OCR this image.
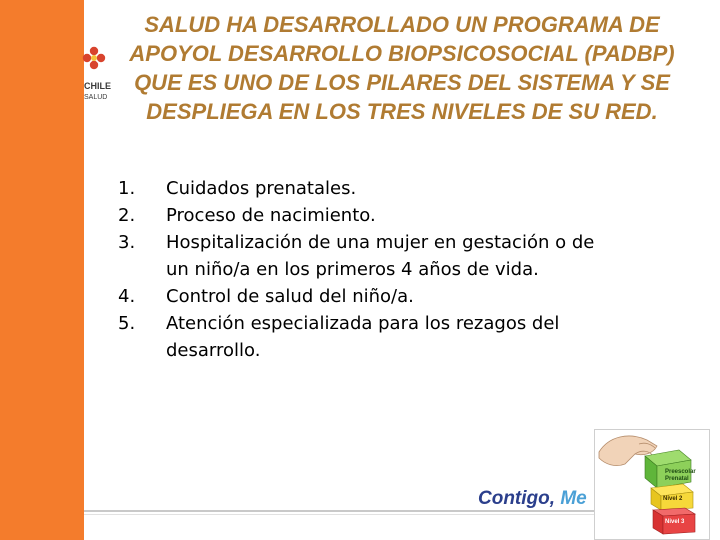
CHILE
SALUD
SALUD HA DESARROLLADO UN PROGRAMA DE APOYOL DESARROLLO BIOPSICOSOCIAL (PADBP) QUE ES UNO DE LOS PILARES DEL SISTEMA Y SE DESPLIEGA EN LOS TRES NIVELES DE SU RED.
1.	Cuidados prenatales.
2.	Proceso de nacimiento.
3.	Hospitalización de una mujer en gestación o de un niño/a en los primeros 4 años de vida.
4.	Control de salud del niño/a.
5.	Atención especializada para los rezagos del desarrollo.
Contigo, Me
Preescolar Prenatal
Nivel 2
Nivel 3
